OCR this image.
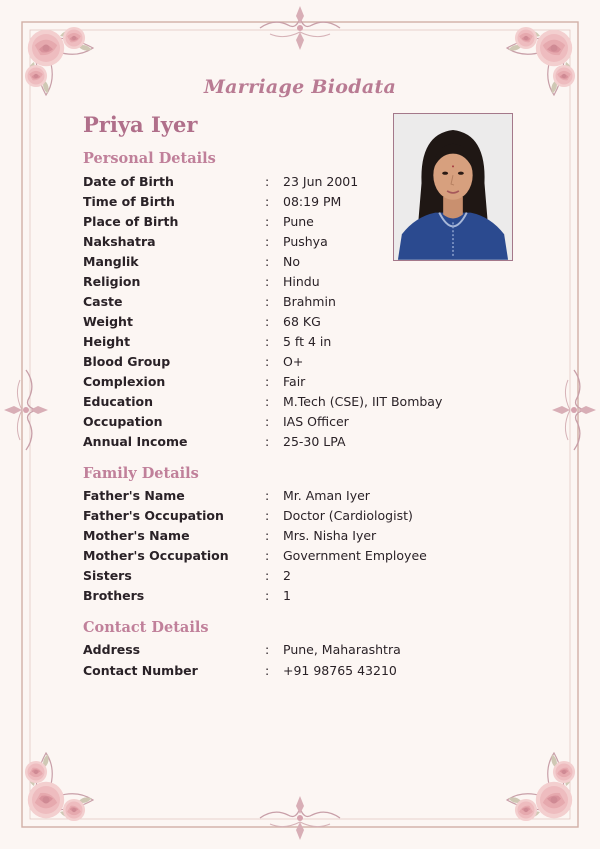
Marriage Biodata
Priya Iyer
Personal Details
Date of Birth	: 23 Jun 2001
Time of Birth	: 08:19 PM
Place of Birth	: Pune
Nakshatra	: Pushya
Manglik	: No
Religion	: Hindu
Caste	: Brahmin
Weight	: 68 KG
Height	: 5 ft 4 in
Blood Group	: O+
Complexion	: Fair
Education	: M.Tech (CSE), IIT Bombay
Occupation	: IAS Officer
Annual Income	: 25-30 LPA
Family Details
Father's Name	: Mr. Aman Iyer
Father's Occupation	: Doctor (Cardiologist)
Mother's Name	: Mrs. Nisha Iyer
Mother's Occupation	: Government Employee
Sisters	: 2
Brothers	: 1
Contact Details
Address	: Pune, Maharashtra
Contact Number	: +91 98765 43210
